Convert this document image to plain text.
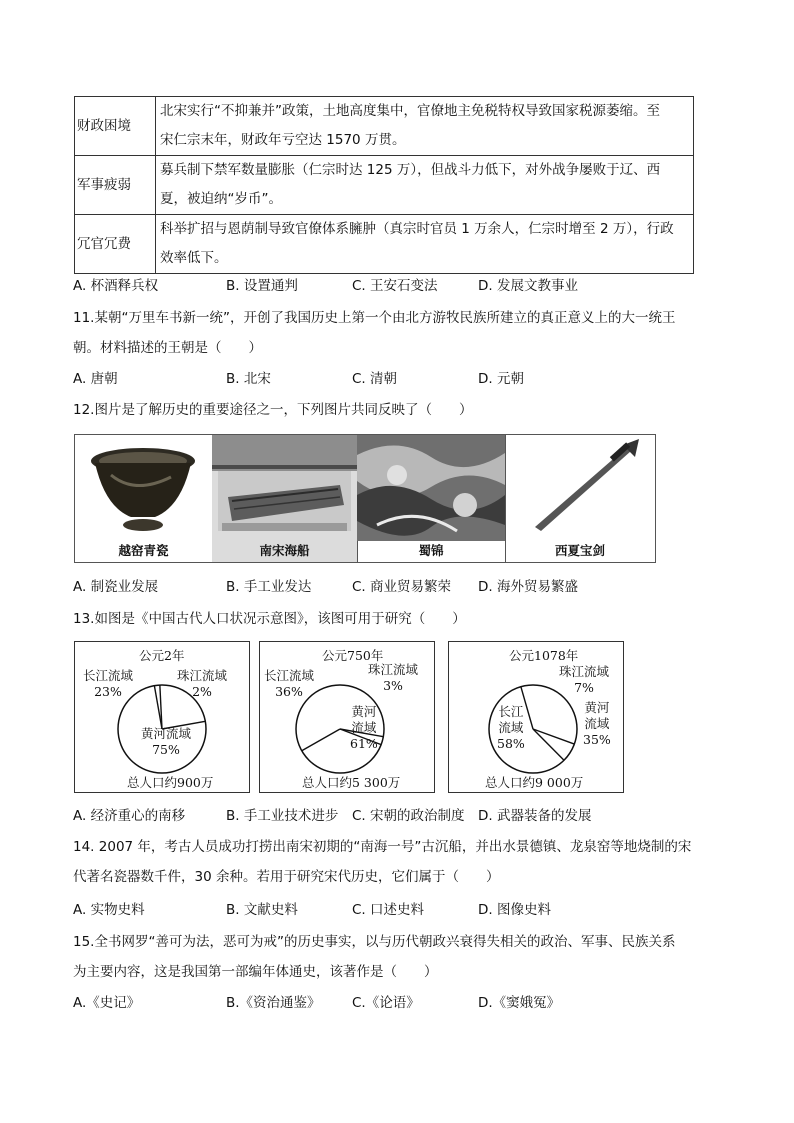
财政困境	北宋实行“不抑兼并”政策，土地高度集中，官僚地主免税特权导致国家税源萎缩。至
宋仁宗末年，财政年亏空达 1570 万贯。

军事疲弱	募兵制下禁军数量膨胀（仁宗时达 125 万），但战斗力低下，对外战争屡败于辽、西
夏，被迫纳“岁币”。

冗官冗费	科举扩招与恩荫制导致官僚体系臃肿（真宗时官员 1 万余人，仁宗时增至 2 万），行政
效率低下。
A. 杯酒释兵权	B. 设置通判	C. 王安石变法	D. 发展文教事业
11.某朝“万里车书新一统”，开创了我国历史上第一个由北方游牧民族所建立的真正意义上的大一统王
朝。材料描述的王朝是（　　）
A. 唐朝	B. 北宋	C. 清朝	D. 元朝
12.图片是了解历史的重要途径之一，下列图片共同反映了（　　）
越窑青瓷	南宋海船	蜀锦	西夏宝剑
A. 制瓷业发展	B. 手工业发达	C. 商业贸易繁荣 D. 海外贸易繁盛
13.如图是《中国古代人口状况示意图》，该图可用于研究（　　）
公元2年
长江流域
23%
珠江流域
2%
黄河流域
75%
总人口约900万
公元750年
长江流域
36%
珠江流域
3%
黄河
流域
61%
总人口约5 300万
公元1078年
珠江流域
7%
长江
流域
58%
黄河
流域
35%
总人口约9 000万
A. 经济重心的南移	B. 手工业技术进步 C. 宋朝的政治制度 D. 武器装备的发展
14. 2007 年，考古人员成功打捞出南宋初期的“南海一号”古沉船，并出水景德镇、龙泉窑等地烧制的宋
代著名瓷器数千件，30 余种。若用于研究宋代历史，它们属于（　　）
A. 实物史料	B. 文献史料	C. 口述史料	D. 图像史料
15.全书网罗“善可为法，恶可为戒”的历史事实，以与历代朝政兴衰得失相关的政治、军事、民族关系
为主要内容，这是我国第一部编年体通史，该著作是（　　）
A.《史记》	B.《资治通鉴》 C.《论语》	D.《窦娥冤》
